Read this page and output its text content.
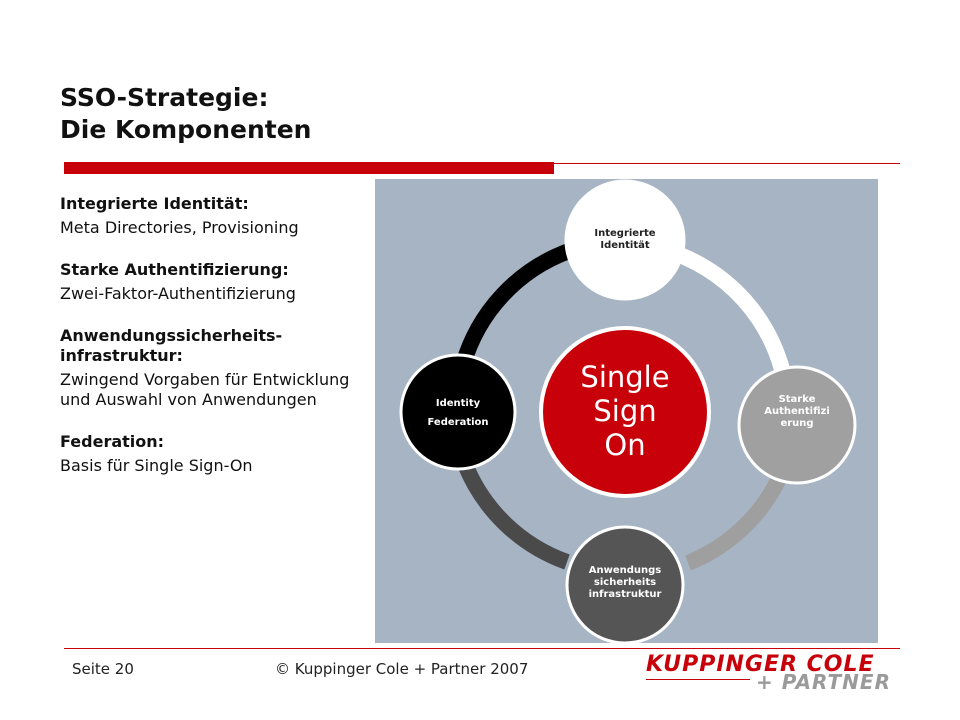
SSO-Strategie:
Die Komponenten
Integrierte Identität:

Meta Directories, Provisioning

Starke Authentifizierung:

Zwei-Faktor-Authentifizierung

Anwendungssicherheits-infrastruktur:

Zwingend Vorgaben für Entwicklung und Auswahl von Anwendungen

Federation:

Basis für Single Sign-On

Single
Sign
On
Integrierte
Identität
Starke
Authentifizi
erung
Anwendungs
sicherheits
infrastruktur
Identity
Federation
Seite 20	© Kuppinger Cole + Partner 2007	KUPPINGER COLE
+ PARTNER
